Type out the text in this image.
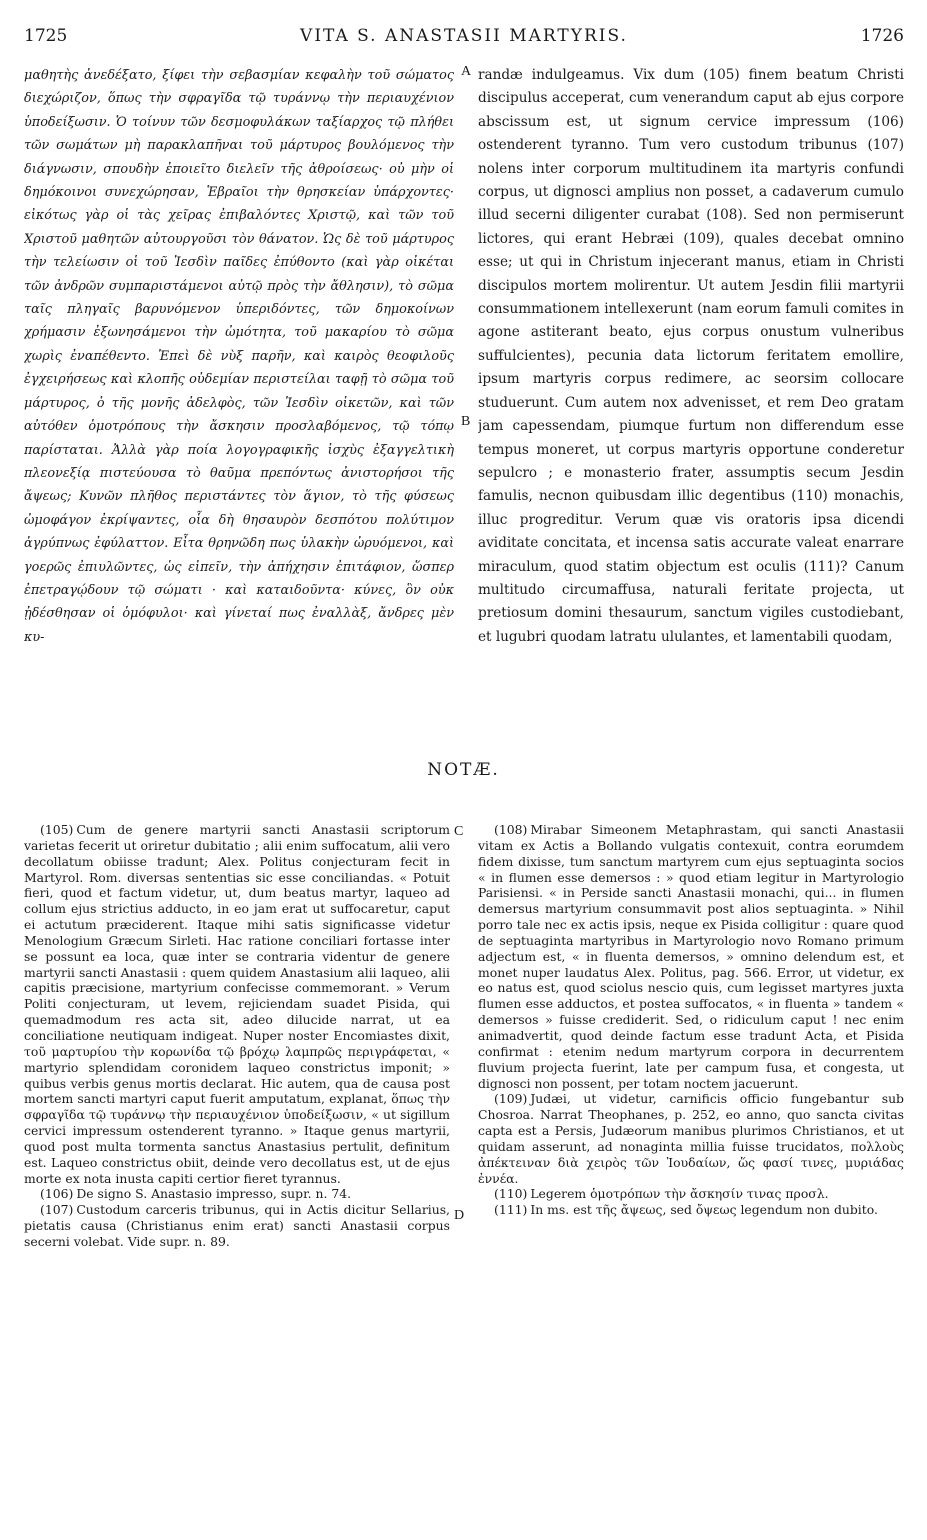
1725	VITA S. ANASTASII MARTYRIS.	1726
μαθητὴς ἀνεδέξατο, ξίφει τὴν σεβασμίαν κεφαλὴν τοῦ σώματος διεχώριζον, ὅπως τὴν σφραγῖδα τῷ τυράννῳ τὴν περιαυχένιον ὑποδείξωσιν. Ὁ τοίνυν τῶν δεσμοφυλάκων ταξίαρχος τῷ πλήθει τῶν σωμάτων μὴ παρακλαπῆναι τοῦ μάρτυρος βουλόμενος τὴν διάγνωσιν, σπουδὴν ἐποιεῖτο διελεῖν τῆς ἀθροίσεως· οὐ μὴν οἱ δημόκοινοι συνεχώρησαν, Ἑβραῖοι τὴν θρησκείαν ὑπάρχοντες· εἰκότως γὰρ οἱ τὰς χεῖρας ἐπιβαλόντες Χριστῷ, καὶ τῶν τοῦ Χριστοῦ μαθητῶν αὐτουργοῦσι τὸν θάνατον. Ὡς δὲ τοῦ μάρτυρος τὴν τελείωσιν οἱ τοῦ Ἰεσδὶν παῖδες ἐπύθοντο (καὶ γὰρ οἰκέται τῶν ἀνδρῶν συμπαριστάμενοι αὐτῷ πρὸς τὴν ἄθλησιν), τὸ σῶμα ταῖς πληγαῖς βαρυνόμενον ὑπεριδόντες, τῶν δημοκοίνων χρήμασιν ἐξωνησάμενοι τὴν ὠμότητα, τοῦ μακαρίου τὸ σῶμα χωρὶς ἐναπέθεντο. Ἐπεὶ δὲ νὺξ παρῆν, καὶ καιρὸς θεοφιλοῦς ἐγχειρήσεως καὶ κλοπῆς οὐδεμίαν περιστείλαι ταφῇ τὸ σῶμα τοῦ μάρτυρος, ὁ τῆς μονῆς ἀδελφὸς, τῶν Ἰεσδὶν οἰκετῶν, καὶ τῶν αὐτόθεν ὁμοτρόπους τὴν ἄσκησιν προσλαβόμενος, τῷ τόπῳ παρίσταται. Ἀλλὰ γὰρ ποία λογογραφικῆς ἰσχὺς ἐξαγγελτικὴ πλεονεξίᾳ πιστεύουσα τὸ θαῦμα πρεπόντως ἀνιστορήσοι τῆς ἄψεως; Κυνῶν πλῆθος περιστάντες τὸν ἅγιον, τὸ τῆς φύσεως ὠμοφάγον ἐκρίψαντες, οἷα δὴ θησαυρὸν δεσπότου πολύτιμον ἀγρύπνως ἐφύλαττον. Εἶτα θρηνῶδη πως ὑλακὴν ὠρυόμενοι, καὶ γοερῶς ἐπιυλῶντες, ὡς εἰπεῖν, τὴν ἀπήχησιν ἐπιτάφιον, ὥσπερ ἐπετραγῴδουν τῷ σώματι · καὶ καταιδοῦντα· κύνες, ὃν οὐκ ᾐδέσθησαν οἱ ὁμόφυλοι· καὶ γίνεταί πως ἐναλλὰξ, ἄνδρες μὲν κυ-
randæ indulgeamus. Vix dum (105) finem beatum Christi discipulus acceperat, cum venerandum caput ab ejus corpore abscissum est, ut signum cervice impressum (106) ostenderent tyranno. Tum vero custodum tribunus (107) nolens inter corporum multitudinem ita martyris confundi corpus, ut dignosci amplius non posset, a cadaverum cumulo illud secerni diligenter curabat (108). Sed non permiserunt lictores, qui erant Hebræi (109), quales decebat omnino esse; ut qui in Christum injecerant manus, etiam in Christi discipulos mortem molirentur. Ut autem Jesdin filii martyrii consummationem intellexerunt (nam eorum famuli comites in agone astiterant beato, ejus corpus onustum vulneribus suffulcientes), pecunia data lictorum feritatem emollire, ipsum martyris corpus redimere, ac seorsim collocare studuerunt. Cum autem nox advenisset, et rem Deo gratam jam capessendam, piumque furtum non differendum esse tempus moneret, ut corpus martyris opportune conderetur sepulcro ; e monasterio frater, assumptis secum Jesdin famulis, necnon quibusdam illic degentibus (110) monachis, illuc progreditur. Verum quæ vis oratoris ipsa dicendi aviditate concitata, et incensa satis accurate valeat enarrare miraculum, quod statim objectum est oculis (111)? Canum multitudo circumaffusa, naturali feritate projecta, ut pretiosum domini thesaurum, sanctum vigiles custodiebant, et lugubri quodam latratu ululantes, et lamentabili quodam,
A
B
C
D
NOTÆ.

(105) Cum de genere martyrii sancti Anastasii scriptorum varietas fecerit ut oriretur dubitatio ; alii enim suffocatum, alii vero decollatum obiisse tradunt; Alex. Politus conjecturam fecit in Martyrol. Rom. diversas sententias sic esse conciliandas. « Potuit fieri, quod et factum videtur, ut, dum beatus martyr, laqueo ad collum ejus strictius adducto, in eo jam erat ut suffocaretur, caput ei actutum præciderent. Itaque mihi satis significasse videtur Menologium Græcum Sirleti. Hac ratione conciliari fortasse inter se possunt ea loca, quæ inter se contraria videntur de genere martyrii sancti Anastasii : quem quidem Anastasium alii laqueo, alii capitis præcisione, martyrium confecisse commemorant. » Verum Politi conjecturam, ut levem, rejiciendam suadet Pisida, qui quemadmodum res acta sit, adeo dilucide narrat, ut ea conciliatione neutiquam indigeat. Nuper noster Encomiastes dixit, τοῦ μαρτυρίου τὴν κορωνίδα τῷ βρόχῳ λαμπρῶς περιγράφεται, « martyrio splendidam coronidem laqueo constrictus imponit; » quibus verbis genus mortis declarat. Hic autem, qua de causa post mortem sancti martyri caput fuerit amputatum, explanat, ὅπως τὴν σφραγῖδα τῷ τυράννῳ τὴν περιαυχένιον ὑποδείξωσιν, « ut sigillum cervici impressum ostenderent tyranno. » Itaque genus martyrii, quod post multa tormenta sanctus Anastasius pertulit, definitum est. Laqueo constrictus obiit, deinde vero decollatus est, ut de ejus morte ex nota inusta capiti certior fieret tyrannus.

(106) De signo S. Anastasio impresso, supr. n. 74.

(107) Custodum carceris tribunus, qui in Actis dicitur Sellarius, pietatis causa (Christianus enim erat) sancti Anastasii corpus secerni volebat. Vide supr. n. 89.

(108) Mirabar Simeonem Metaphrastam, qui sancti Anastasii vitam ex Actis a Bollando vulgatis contexuit, contra eorumdem fidem dixisse, tum sanctum martyrem cum ejus septuaginta socios « in flumen esse demersos : » quod etiam legitur in Martyrologio Parisiensi. « in Perside sancti Anastasii monachi, qui... in flumen demersus martyrium consummavit post alios septuaginta. » Nihil porro tale nec ex actis ipsis, neque ex Pisida colligitur : quare quod de septuaginta martyribus in Martyrologio novo Romano primum adjectum est, « in fluenta demersos, » omnino delendum est, et monet nuper laudatus Alex. Politus, pag. 566. Error, ut videtur, ex eo natus est, quod sciolus nescio quis, cum legisset martyres juxta flumen esse adductos, et postea suffocatos, « in fluenta » tandem « demersos » fuisse crediderit. Sed, o ridiculum caput ! nec enim animadvertit, quod deinde factum esse tradunt Acta, et Pisida confirmat : etenim nedum martyrum corpora in decurrentem fluvium projecta fuerint, late per campum fusa, et congesta, ut dignosci non possent, per totam noctem jacuerunt.

(109) Judæi, ut videtur, carnificis officio fungebantur sub Chosroa. Narrat Theophanes, p. 252, eo anno, quo sancta civitas capta est a Persis, Judæorum manibus plurimos Christianos, et ut quidam asserunt, ad nonaginta millia fuisse trucidatos, πολλοὺς ἀπέκτειναν διὰ χειρὸς τῶν Ἰουδαίων, ὥς φασί τινες, μυριάδας ἐννέα.

(110) Legerem ὁμοτρόπων τὴν ἄσκησίν τινας προσλ.

(111) In ms. est τῆς ἄψεως, sed ὄψεως legendum non dubito.
